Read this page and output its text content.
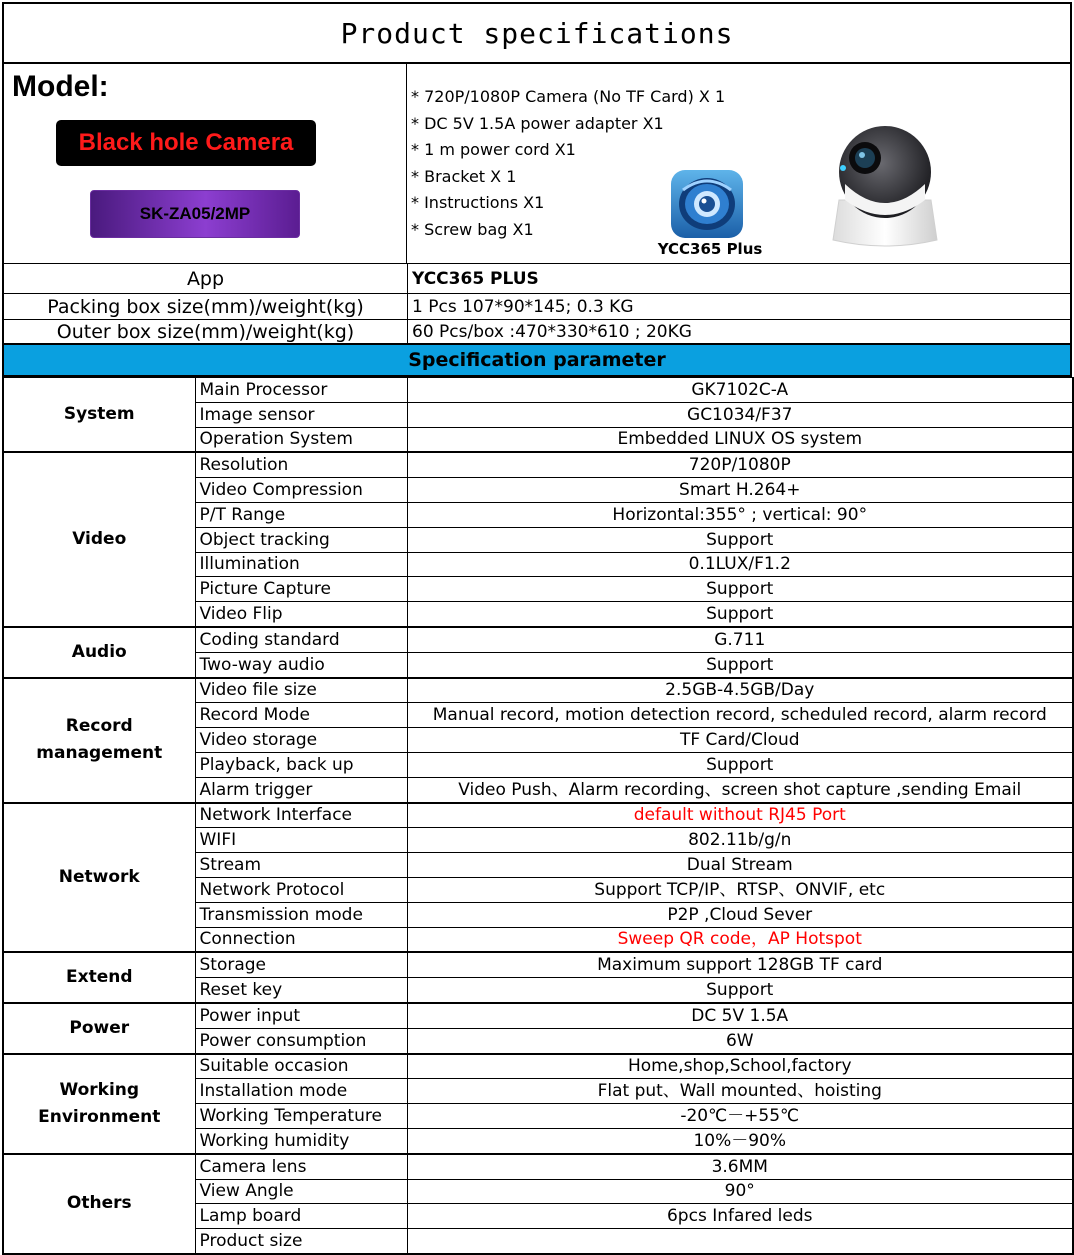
Product specifications
Model:
Black hole Camera
SK-ZA05/2MP
* 720P/1080P Camera (No TF Card) X 1
* DC 5V 1.5A power adapter X1
* 1 m power cord X1
* Bracket X 1
* Instructions X1
* Screw bag X1
YCC365 Plus
App	YCC365 PLUS
Packing box size(mm)/weight(kg)	1 Pcs 107*90*145; 0.3 KG
Outer box size(mm)/weight(kg)	60 Pcs/box :470*330*610 ; 20KG
Specification parameter
System	Main Processor	GK7102C-A
	Image sensor	GC1034/F37
	Operation System	Embedded LINUX OS system
Video	Resolution	720P/1080P
	Video Compression	Smart H.264+
	P/T Range	Horizontal:355° ; vertical: 90°
	Object tracking	Support
	Illumination	0.1LUX/F1.2
	Picture Capture	Support
	Video Flip	Support
Audio	Coding standard	G.711
	Two-way audio	Support
Record management	Video file size	2.5GB-4.5GB/Day
	Record Mode	Manual record, motion detection record, scheduled record, alarm record
	Video storage	TF Card/Cloud
	Playback, back up	Support
	Alarm trigger	Video Push、Alarm recording、screen shot capture ,sending Email
Network	Network Interface	default without RJ45 Port
	WIFI	802.11b/g/n
	Stream	Dual Stream
	Network Protocol	Support TCP/IP、RTSP、ONVIF, etc
	Transmission mode	P2P ,Cloud Sever
	Connection	Sweep QR code，AP Hotspot
Extend	Storage	Maximum support 128GB TF card
	Reset key	Support
Power	Power input	DC 5V 1.5A
	Power consumption	6W
Working Environment	Suitable occasion	Home,shop,School,factory
	Installation mode	Flat put、Wall mounted、hoisting
	Working Temperature	-20℃－+55℃
	Working humidity	10%－90%
Others	Camera lens	3.6MM
	View Angle	90°
	Lamp board	6pcs Infared leds
	Product size	
